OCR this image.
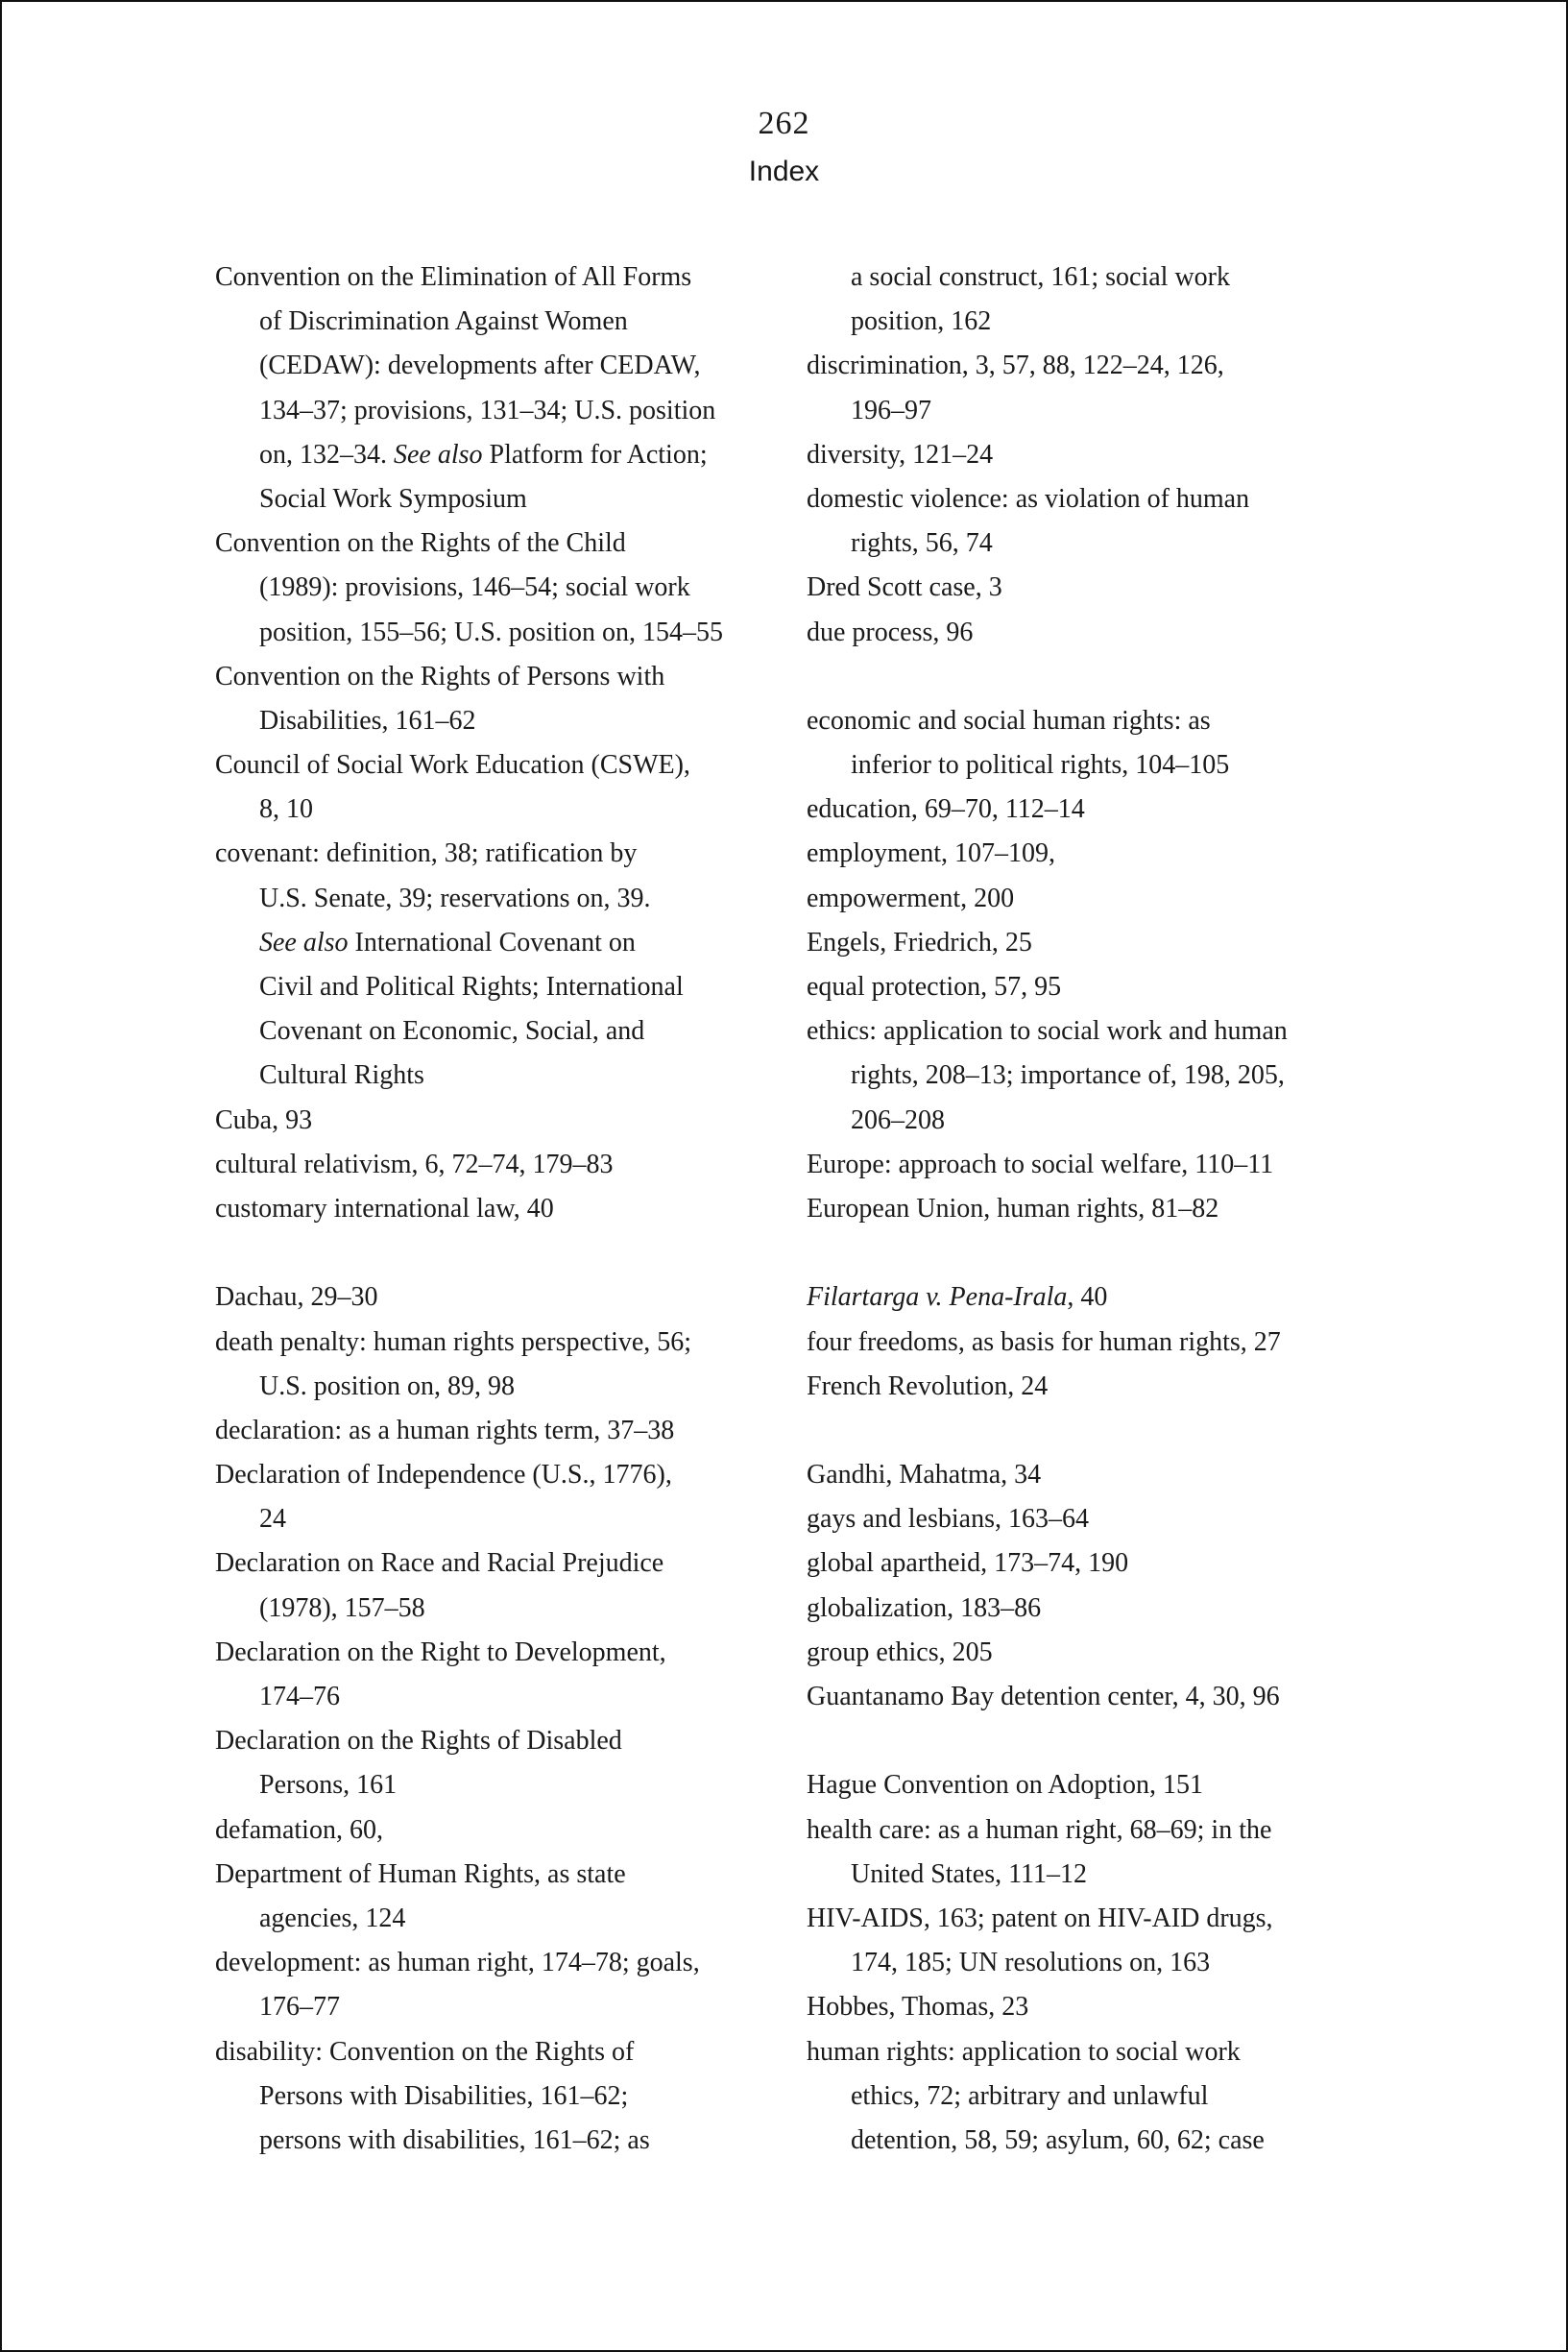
262
Index
Convention on the Elimination of All Forms
of Discrimination Against Women
(CEDAW): developments after CEDAW,
134–37; provisions, 131–34; U.S. position
on, 132–34. See also Platform for Action;
Social Work Symposium
Convention on the Rights of the Child
(1989): provisions, 146–54; social work
position, 155–56; U.S. position on, 154–55
Convention on the Rights of Persons with
Disabilities, 161–62
Council of Social Work Education (CSWE),
8, 10
covenant: definition, 38; ratification by
U.S. Senate, 39; reservations on, 39.
See also International Covenant on
Civil and Political Rights; International
Covenant on Economic, Social, and
Cultural Rights
Cuba, 93
cultural relativism, 6, 72–74, 179–83
customary international law, 40
Dachau, 29–30
death penalty: human rights perspective, 56;
U.S. position on, 89, 98
declaration: as a human rights term, 37–38
Declaration of Independence (U.S., 1776),
24
Declaration on Race and Racial Prejudice
(1978), 157–58
Declaration on the Right to Development,
174–76
Declaration on the Rights of Disabled
Persons, 161
defamation, 60,
Department of Human Rights, as state
agencies, 124
development: as human right, 174–78; goals,
176–77
disability: Convention on the Rights of
Persons with Disabilities, 161–62;
persons with disabilities, 161–62; as
a social construct, 161; social work
position, 162
discrimination, 3, 57, 88, 122–24, 126,
196–97
diversity, 121–24
domestic violence: as violation of human
rights, 56, 74
Dred Scott case, 3
due process, 96
economic and social human rights: as
inferior to political rights, 104–105
education, 69–70, 112–14
employment, 107–109,
empowerment, 200
Engels, Friedrich, 25
equal protection, 57, 95
ethics: application to social work and human
rights, 208–13; importance of, 198, 205,
206–208
Europe: approach to social welfare, 110–11
European Union, human rights, 81–82
Filartarga v. Pena-Irala, 40
four freedoms, as basis for human rights, 27
French Revolution, 24
Gandhi, Mahatma, 34
gays and lesbians, 163–64
global apartheid, 173–74, 190
globalization, 183–86
group ethics, 205
Guantanamo Bay detention center, 4, 30, 96
Hague Convention on Adoption, 151
health care: as a human right, 68–69; in the
United States, 111–12
HIV-AIDS, 163; patent on HIV-AID drugs,
174, 185; UN resolutions on, 163
Hobbes, Thomas, 23
human rights: application to social work
ethics, 72; arbitrary and unlawful
detention, 58, 59; asylum, 60, 62; case
